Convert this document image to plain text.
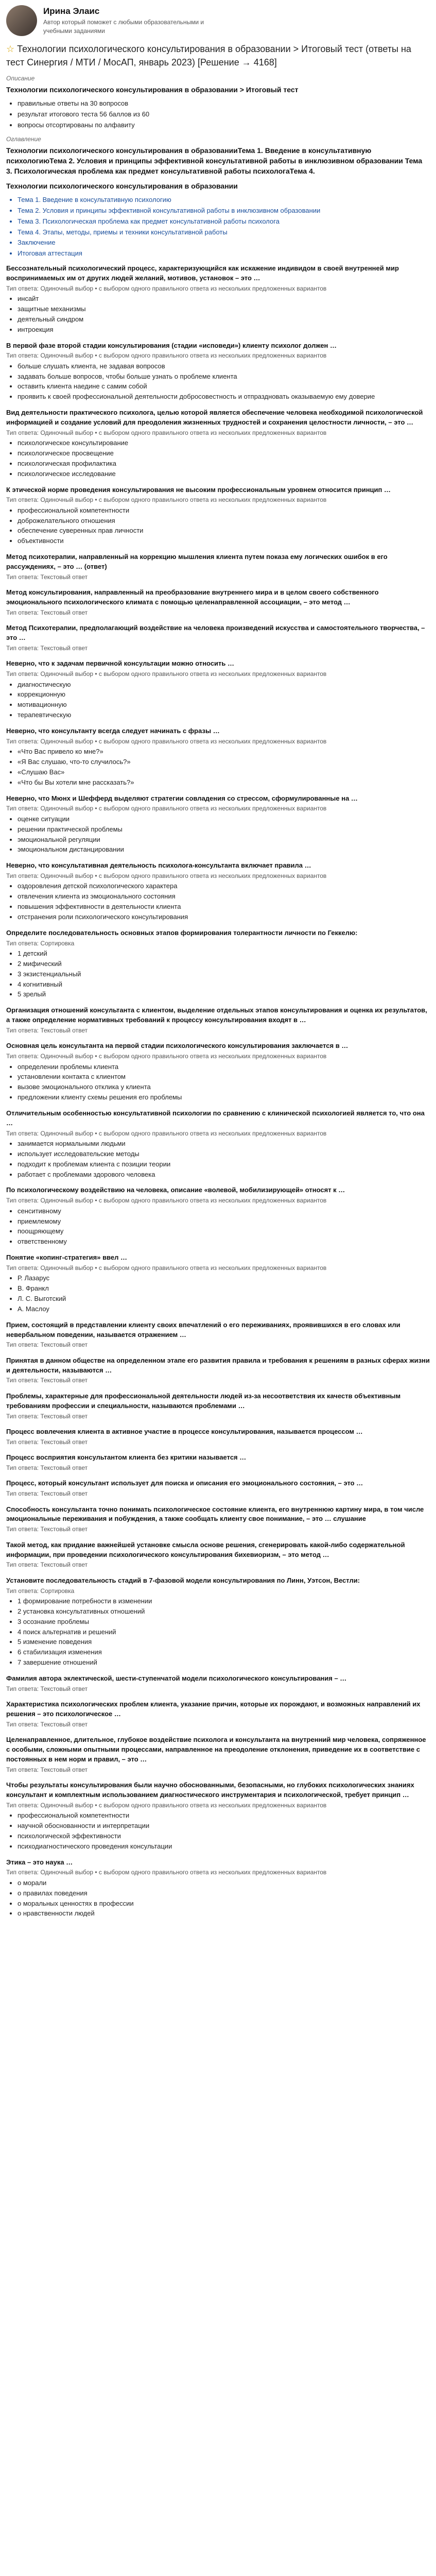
Ирина Элаис
Автор который поможет с любыми образовательными и учебными заданиями
☆ Технологии психологического консультирования в образовании > Итоговый тест (ответы на тест Синергия / МТИ / МосАП, январь 2023) [Решение → 4168]
Описание
Технологии психологического консультирования в образовании > Итоговый тест
• правильные ответы на 30 вопросов
• результат итогового теста 56 баллов из 60
• вопросы отсортированы по алфавиту
Оглавление
Технологии психологического консультирования в образованииТема 1. Введение в консультативную психологиюТема 2. Условия и принципы эффективной консультативной работы в инклюзивном образовании Тема 3. Психологическая проблема как предмет консультативной работы психологаТема 4.
Технологии психологического консультирования в образовании
• Тема 1. Введение в консультативную психологию
• Тема 2. Условия и принципы эффективной консультативной работы в инклюзивном образовании
• Тема 3. Психологическая проблема как предмет консультативной работы психолога
• Тема 4. Этапы, методы, приемы и техники консультативной работы
• Заключение
• Итоговая аттестация
Бессознательный психологический процесс, характеризующийся как искажение индивидом в своей внутренней мир воспринимаемых им от других людей желаний, мотивов, установок – это …
Тип ответа: Одиночный выбор • с выбором одного правильного ответа из нескольких предложенных вариантов
• инсайт
• защитные механизмы
• деятельный синдром
• интроекция
В первой фазе второй стадии консультирования (стадии «исповеди») клиенту психолог должен …
Тип ответа: Одиночный выбор • с выбором одного правильного ответа из нескольких предложенных вариантов
• больше слушать клиента, не задавая вопросов
• задавать больше вопросов, чтобы больше узнать о проблеме клиента
• оставить клиента наедине с самим собой
• проявить к своей профессиональной деятельности добросовестность и отпраздновать оказываемую ему доверие
Вид деятельности практического психолога, целью которой является обеспечение человека необходимой психологической информацией и создание условий для преодоления жизненных трудностей и сохранения целостности личности, – это …
Тип ответа: Одиночный выбор • с выбором одного правильного ответа из нескольких предложенных вариантов
• психологическое консультирование
• психологическое просвещение
• психологическая профилактика
• психологическое исследование
К этической норме проведения консультирования не высоким профессиональным уровнем относится принцип …
Тип ответа: Одиночный выбор • с выбором одного правильного ответа из нескольких предложенных вариантов
• профессиональной компетентности
• доброжелательного отношения
• обеспечение суверенных прав личности
• объективности
Метод психотерапии, направленный на коррекцию мышления клиента путем показа ему логических ошибок в его рассуждениях, – это … (ответ)
Тип ответа: Текстовый ответ
Метод консультирования, направленный на преобразование внутреннего мира и в целом своего собственного эмоционального психологического климата с помощью целенаправленной ассоциации, – это метод …
Тип ответа: Текстовый ответ
Метод Психотерапии, предполагающий воздействие на человека произведений искусства и самостоятельного творчества, – это …
Тип ответа: Текстовый ответ
Неверно, что к задачам первичной консультации можно относить …
Тип ответа: Одиночный выбор • с выбором одного правильного ответа из нескольких предложенных вариантов
• диагностическую
• коррекционную
• мотивационную
• терапевтическую
Неверно, что консультанту всегда следует начинать с фразы …
Тип ответа: Одиночный выбор • с выбором одного правильного ответа из нескольких предложенных вариантов
• «Что Вас привело ко мне?»
• «Я Вас слушаю, что-то случилось?»
• «Слушаю Вас»
• «Что бы Вы хотели мне рассказать?»
Неверно, что Мюнх и Шефферд выделяют стратегии совладения со стрессом, сформулированные на …
Тип ответа: Одиночный выбор • с выбором одного правильного ответа из нескольких предложенных вариантов
• оценке ситуации
• решении практической проблемы
• эмоциональной регуляции
• эмоциональном дистанцировании
Неверно, что консультативная деятельность психолога-консультанта включает правила …
Тип ответа: Одиночный выбор • с выбором одного правильного ответа из нескольких предложенных вариантов
• оздоровления детской психологического характера
• отвлечения клиента из эмоционального состояния
• повышения эффективности в деятельности клиента
• отстранения роли психологического консультирования
Определите последовательность основных этапов формирования толерантности личности по Геккелю:
Тип ответа: Сортировка
• 1 детский
• 2 мифический
• 3 экзистенциальный
• 4 когнитивный
• 5 зрелый
Организация отношений консультанта с клиентом, выделение отдельных этапов консультирования и оценка их результатов, а также определение нормативных требований к процессу консультирования входят в …
Тип ответа: Текстовый ответ
Основная цель консультанта на первой стадии психологического консультирования заключается в …
Тип ответа: Одиночный выбор • с выбором одного правильного ответа из нескольких предложенных вариантов
• определении проблемы клиента
• установлении контакта с клиентом
• вызове эмоционального отклика у клиента
• предложении клиенту схемы решения его проблемы
Отличительным особенностью консультативной психологии по сравнению с клинической психологией является то, что она …
Тип ответа: Одиночный выбор • с выбором одного правильного ответа из нескольких предложенных вариантов
• занимается нормальными людьми
• использует исследовательские методы
• подходит к проблемам клиента с позиции теории
• работает с проблемами здорового человека
По психологическому воздействию на человека, описание «волевой, мобилизирующей» относят к …
Тип ответа: Одиночный выбор • с выбором одного правильного ответа из нескольких предложенных вариантов
• сенситивному
• приемлемому
• поощряющему
• ответственному
Понятие «копинг-стратегия» ввел …
Тип ответа: Одиночный выбор • с выбором одного правильного ответа из нескольких предложенных вариантов
• Р. Лазарус
• В. Франкл
• Л. С. Выготский
• А. Маслоу
Прием, состоящий в представлении клиенту своих впечатлений о его переживаниях, проявившихся в его словах или невербальном поведении, называется отражением …
Тип ответа: Текстовый ответ
Принятая в данном обществе на определенном этапе его развития правила и требования к решениям в разных сферах жизни и деятельности, называются …
Тип ответа: Текстовый ответ
Проблемы, характерные для профессиональной деятельности людей из-за несоответствия их качеств объективным требованиям профессии и специальности, называются проблемами …
Тип ответа: Текстовый ответ
Процесс вовлечения клиента в активное участие в процессе консультирования, называется процессом …
Тип ответа: Текстовый ответ
Процесс восприятия консультантом клиента без критики называется …
Тип ответа: Текстовый ответ
Процесс, который консультант использует для поиска и описания его эмоционального состояния, – это …
Тип ответа: Текстовый ответ
Способность консультанта точно понимать психологическое состояние клиента, его внутреннюю картину мира, в том числе эмоциональные переживания и побуждения, а также сообщать клиенту свое понимание, – это … слушание
Тип ответа: Текстовый ответ
Такой метод, как придание важнейшей установке смысла основе решения, сгенерировать какой-либо содержательной информации, при проведении психологического консультирования бихевиоризм, – это метод …
Тип ответа: Текстовый ответ
Установите последовательность стадий в 7-фазовой модели консультирования по Линн, Уэтсон, Вестли:
Тип ответа: Сортировка
• 1 формирование потребности в изменении
• 2 установка консультативных отношений
• 3 осознание проблемы
• 4 поиск альтернатив и решений
• 5 изменение поведения
• 6 стабилизация изменения
• 7 завершение отношений
Фамилия автора эклектической, шести-ступенчатой модели психологического консультирования – …
Тип ответа: Текстовый ответ
Характеристика психологических проблем клиента, указание причин, которые их порождают, и возможных направлений их решения – это психологическое …
Тип ответа: Текстовый ответ
Целенаправленное, длительное, глубокое воздействие психолога и консультанта на внутренний мир человека, сопряженное с особыми, сложными опытными процессами, направленное на преодоление отклонения, приведение их в соответствие с постоянных в нем норм и правил, – это …
Тип ответа: Текстовый ответ
Чтобы результаты консультирования были научно обоснованными, безопасными, но глубоких психологических знаниях консультант и комплектным использованием диагностического инструментария и психологической, требует принцип …
Тип ответа: Одиночный выбор • с выбором одного правильного ответа из нескольких предложенных вариантов
• профессиональной компетентности
• научной обоснованности и интерпретации
• психологической эффективности
• психодиагностического проведения консультации
Этика – это наука …
Тип ответа: Одиночный выбор • с выбором одного правильного ответа из нескольких предложенных вариантов
• о морали
• о правилах поведения
• о моральных ценностях в профессии
• о нравственности людей
